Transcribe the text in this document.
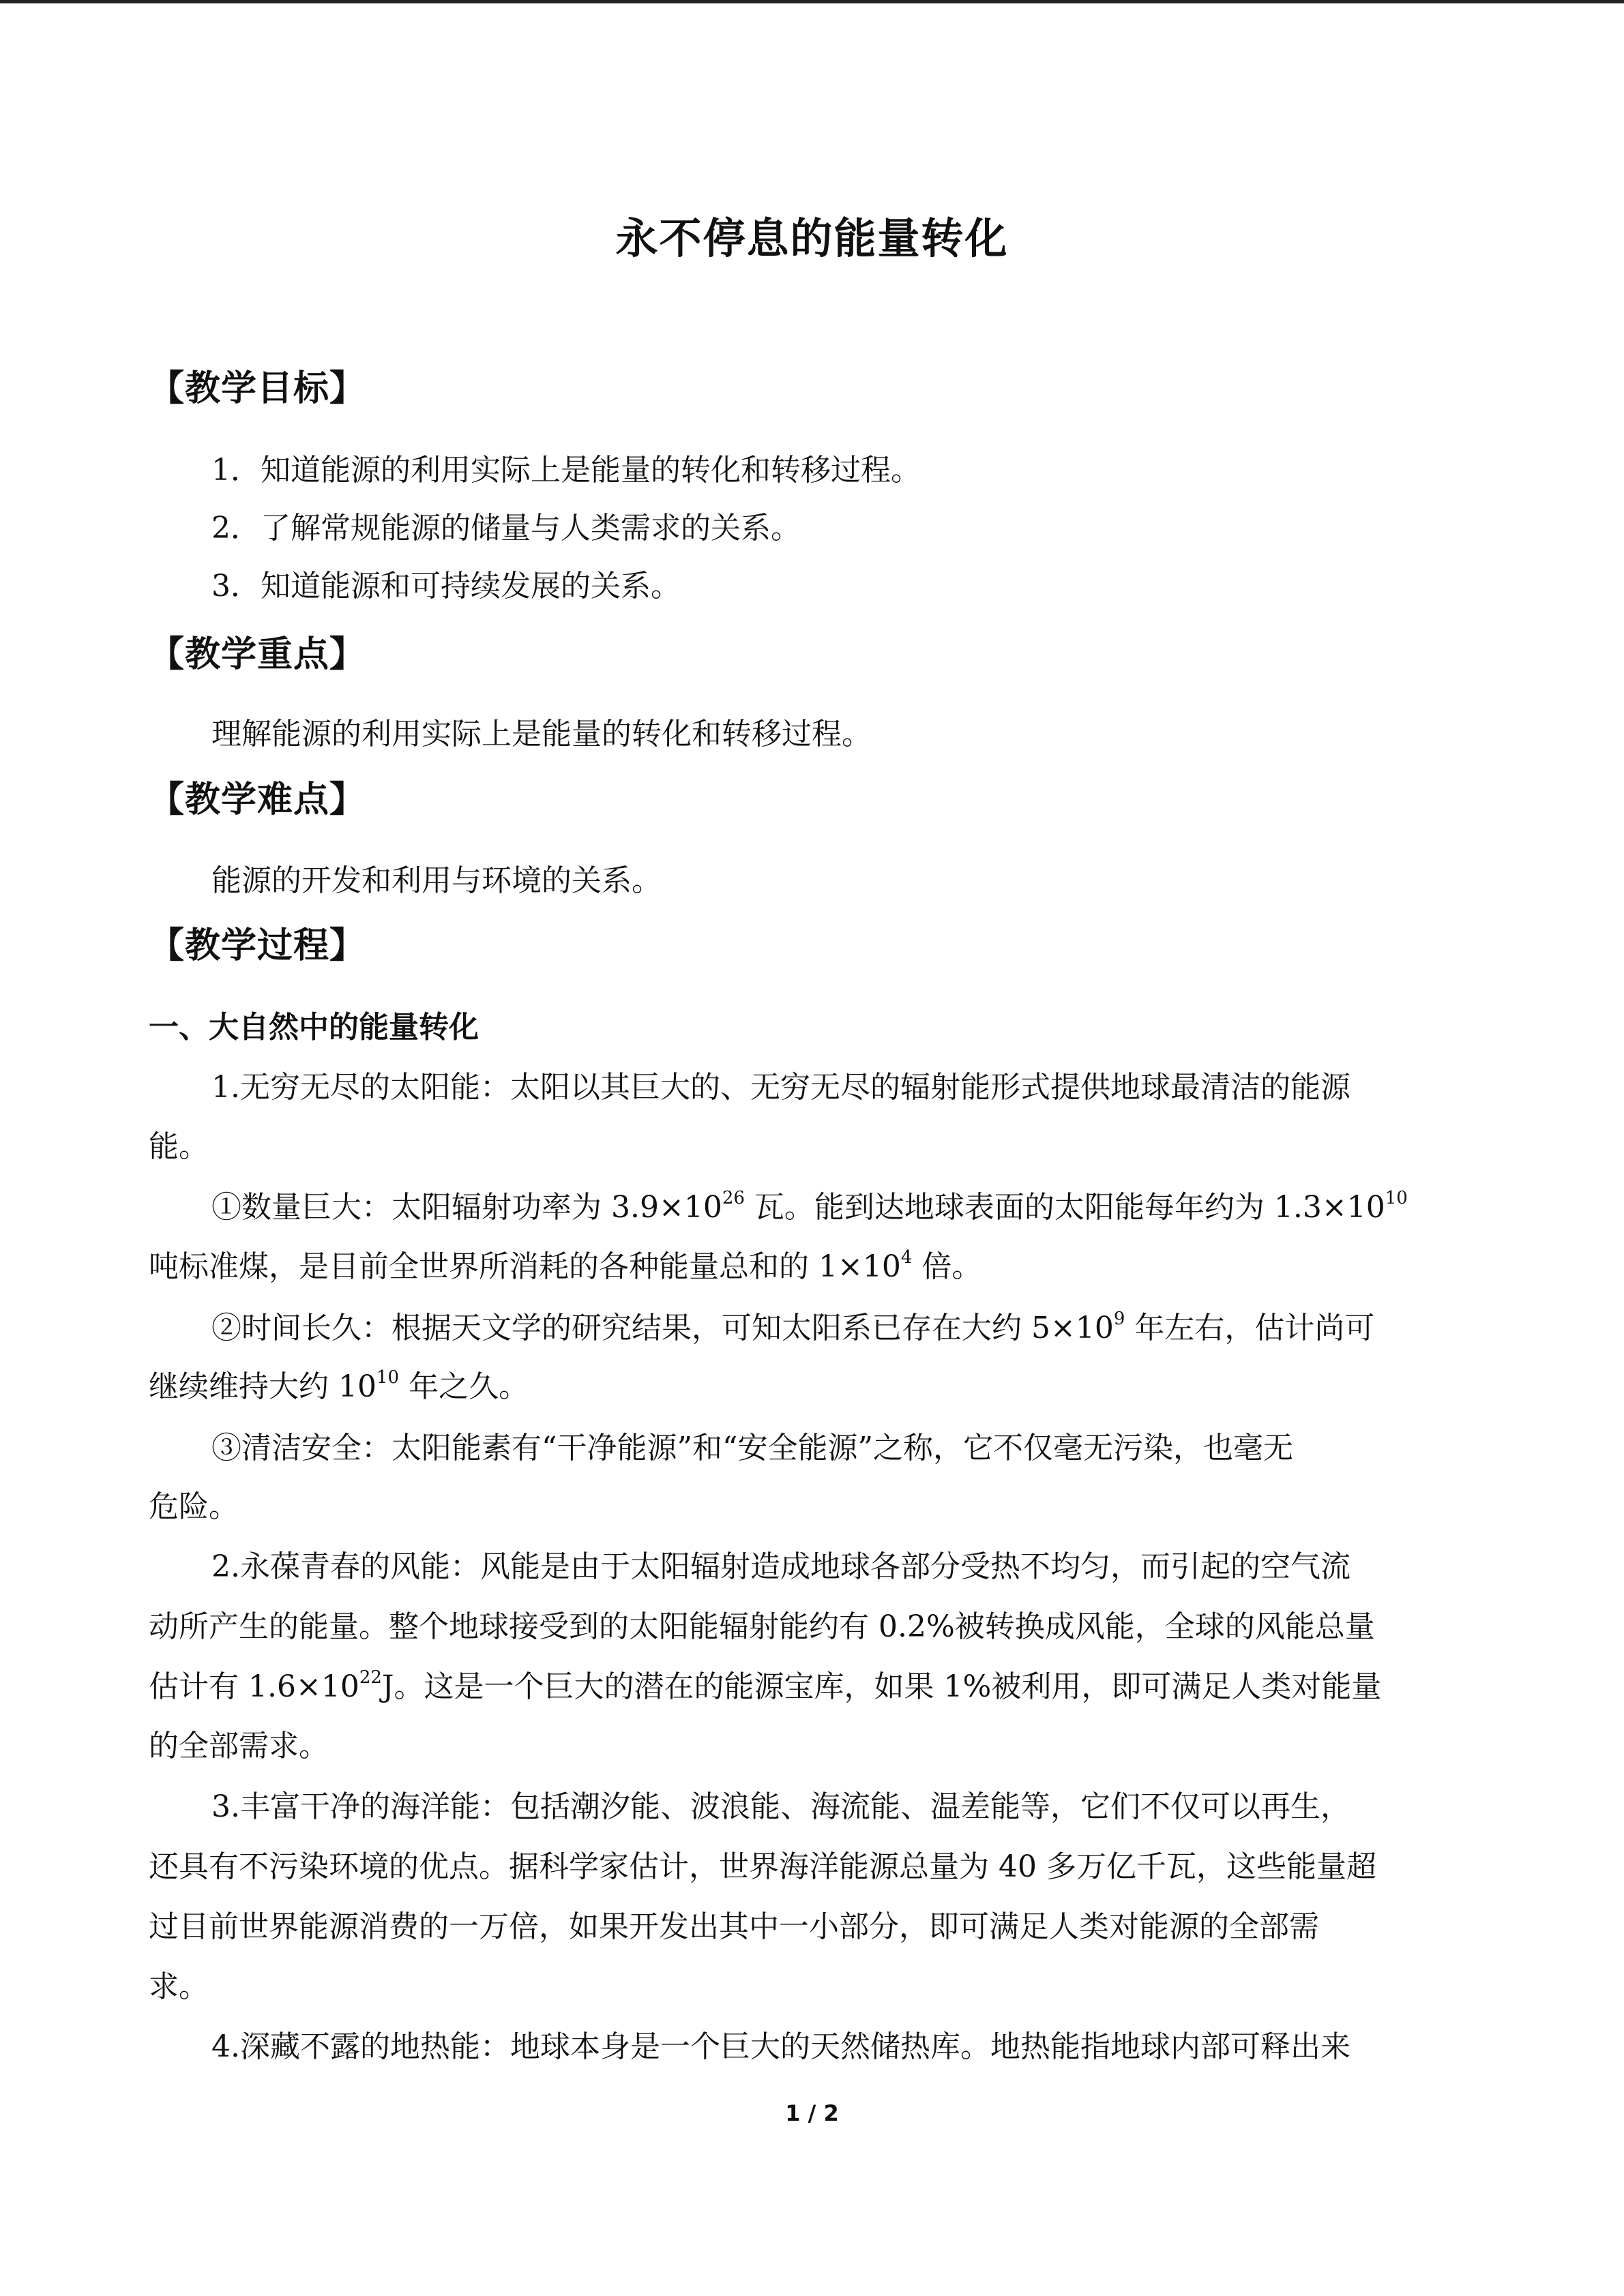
永不停息的能量转化
【教学目标】
1．知道能源的利用实际上是能量的转化和转移过程。
2．了解常规能源的储量与人类需求的关系。
3．知道能源和可持续发展的关系。
【教学重点】
理解能源的利用实际上是能量的转化和转移过程。
【教学难点】
能源的开发和利用与环境的关系。
【教学过程】
一、大自然中的能量转化
1.无穷无尽的太阳能：太阳以其巨大的、无穷无尽的辐射能形式提供地球最清洁的能源
能。
①数量巨大：太阳辐射功率为 $3.9\times 10^{26}$ 瓦。能到达地球表面的太阳能每年约为 $1.3\times 10^{10}$
吨标准煤，是目前全世界所消耗的各种能量总和的 $1\times 10^4$ 倍。
②时间长久：根据天文学的研究结果，可知太阳系已存在大约 $5\times 10^9$ 年左右，估计尚可
继续维持大约 $10^{10}$ 年之久。
③清洁安全：太阳能素有“干净能源”和“安全能源”之称，它不仅毫无污染，也毫无
危险。
2.永葆青春的风能：风能是由于太阳辐射造成地球各部分受热不均匀，而引起的空气流
动所产生的能量。整个地球接受到的太阳能辐射能约有 0.2%被转换成风能，全球的风能总量
估计有 $1.6\times 10^{22}J$。这是一个巨大的潜在的能源宝库，如果 1%被利用，即可满足人类对能量
的全部需求。
3.丰富干净的海洋能：包括潮汐能、波浪能、海流能、温差能等，它们不仅可以再生，
还具有不污染环境的优点。据科学家估计，世界海洋能源总量为 40 多万亿千瓦，这些能量超
过目前世界能源消费的一万倍，如果开发出其中一小部分，即可满足人类对能源的全部需
求。
4.深藏不露的地热能：地球本身是一个巨大的天然储热库。地热能指地球内部可释出来
1 / 2
